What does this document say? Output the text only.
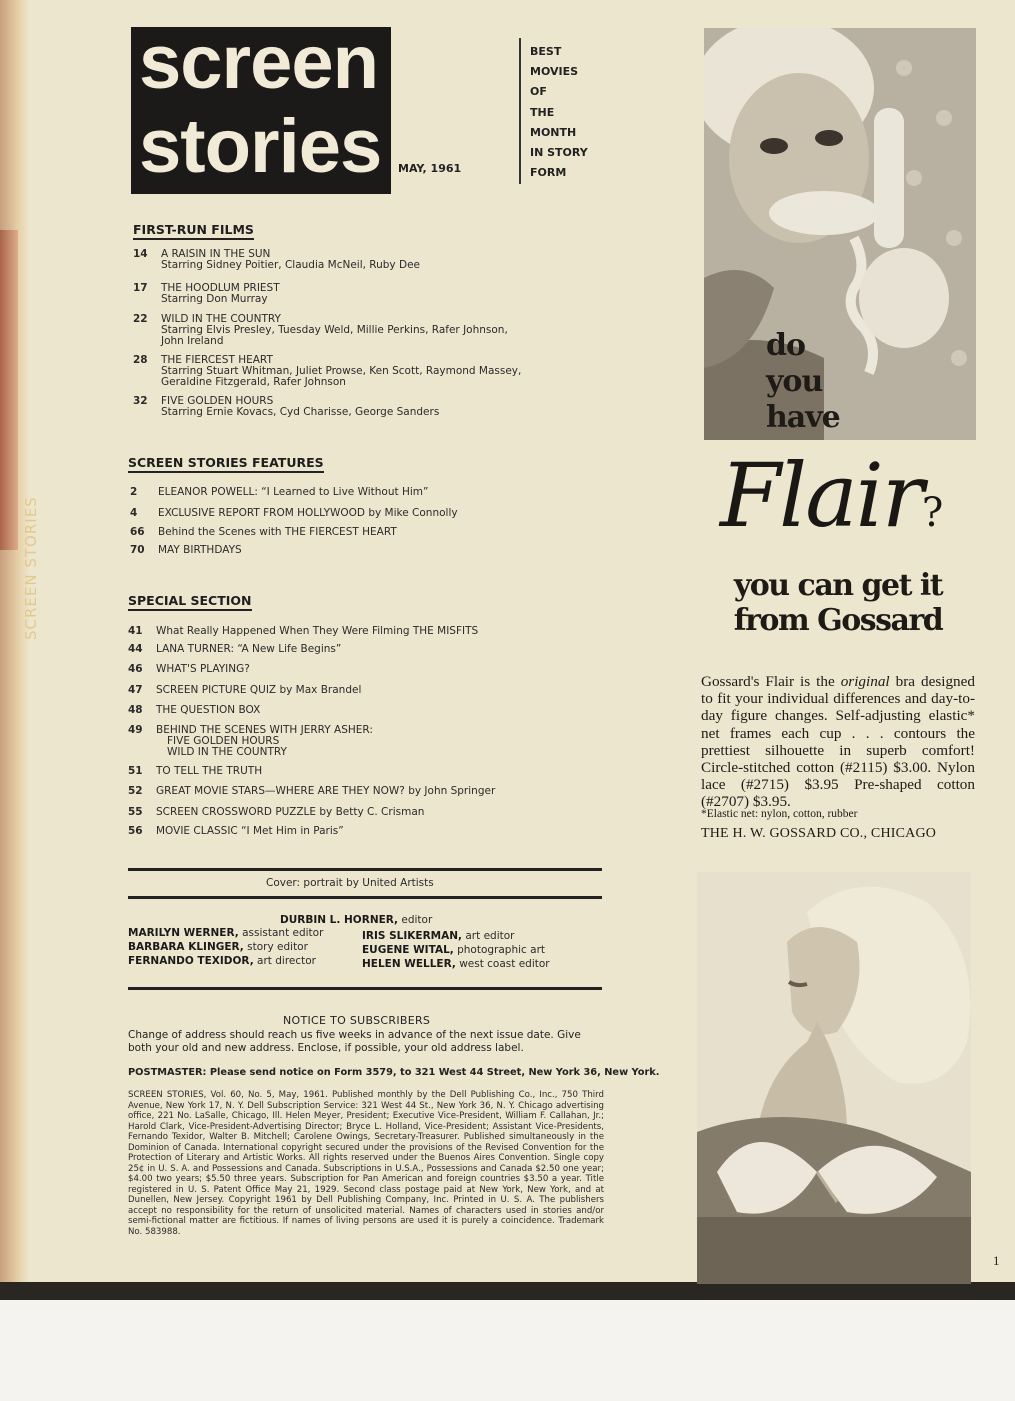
SCREEN STORIES
screen
stories MAY, 1961
BEST
MOVIES
OF
THE
MONTH
IN STORY
FORM
FIRST-RUN FILMS
14	A RAISIN IN THE SUN
Starring Sidney Poitier, Claudia McNeil, Ruby Dee
17	THE HOODLUM PRIEST
Starring Don Murray
22	WILD IN THE COUNTRY
Starring Elvis Presley, Tuesday Weld, Millie Perkins, Rafer Johnson,
John Ireland
28	THE FIERCEST HEART
Starring Stuart Whitman, Juliet Prowse, Ken Scott, Raymond Massey,
Geraldine Fitzgerald, Rafer Johnson
32	FIVE GOLDEN HOURS
Starring Ernie Kovacs, Cyd Charisse, George Sanders
SCREEN STORIES FEATURES
2	ELEANOR POWELL: “I Learned to Live Without Him”
4	EXCLUSIVE REPORT FROM HOLLYWOOD by Mike Connolly
66	Behind the Scenes with THE FIERCEST HEART
70	MAY BIRTHDAYS
SPECIAL SECTION
41	What Really Happened When They Were Filming THE MISFITS
44	LANA TURNER: “A New Life Begins”
46	WHAT'S PLAYING?
47	SCREEN PICTURE QUIZ by Max Brandel
48	THE QUESTION BOX
49	BEHIND THE SCENES WITH JERRY ASHER:
FIVE GOLDEN HOURS
WILD IN THE COUNTRY
51	TO TELL THE TRUTH
52	GREAT MOVIE STARS—WHERE ARE THEY NOW? by John Springer
55	SCREEN CROSSWORD PUZZLE by Betty C. Crisman
56	MOVIE CLASSIC “I Met Him in Paris”
Cover: portrait by United Artists
DURBIN L. HORNER, editor
MARILYN WERNER, assistant editor
BARBARA KLINGER, story editor
FERNANDO TEXIDOR, art director
IRIS SLIKERMAN, art editor
EUGENE WITAL, photographic art
HELEN WELLER, west coast editor
NOTICE TO SUBSCRIBERS
Change of address should reach us five weeks in advance of the next issue date. Give both your old and new address. Enclose, if possible, your old address label.
POSTMASTER: Please send notice on Form 3579, to 321 West 44 Street, New York 36, New York.
SCREEN STORIES, Vol. 60, No. 5, May, 1961. Published monthly by the Dell Publishing Co., Inc., 750 Third Avenue, New York 17, N. Y. Dell Subscription Service: 321 West 44 St., New York 36, N. Y. Chicago advertising office, 221 No. LaSalle, Chicago, Ill. Helen Meyer, President; Executive Vice-President, William F. Callahan, Jr.; Harold Clark, Vice-President-Advertising Director; Bryce L. Holland, Vice-President; Assistant Vice-Presidents, Fernando Texidor, Walter B. Mitchell; Carolene Owings, Secretary-Treasurer. Published simultaneously in the Dominion of Canada. International copyright secured under the provisions of the Revised Convention for the Protection of Literary and Artistic Works. All rights reserved under the Buenos Aires Convention. Single copy 25¢ in U. S. A. and Possessions and Canada. Subscriptions in U.S.A., Possessions and Canada $2.50 one year; $4.00 two years; $5.50 three years. Subscription for Pan American and foreign countries $3.50 a year. Title registered in U. S. Patent Office May 21, 1929. Second class postage paid at New York, New York, and at Dunellen, New Jersey. Copyright 1961 by Dell Publishing Company, Inc. Printed in U. S. A. The publishers accept no responsibility for the return of unsolicited material. Names of characters used in stories and/or semi-fictional matter are fictitious. If names of living persons are used it is purely a coincidence. Trademark No. 583988.
do
you
have
Flair?
you can get it
from Gossard
Gossard's Flair is the original bra designed to fit your individual differences and day-to-day figure changes. Self-adjusting elastic* net frames each cup . . . contours the prettiest silhouette in superb comfort! Circle-stitched cotton (#2115) $3.00. Nylon lace (#2715) $3.95 Pre-shaped cotton (#2707) $3.95.
*Elastic net: nylon, cotton, rubber
THE H. W. GOSSARD CO., CHICAGO
1
